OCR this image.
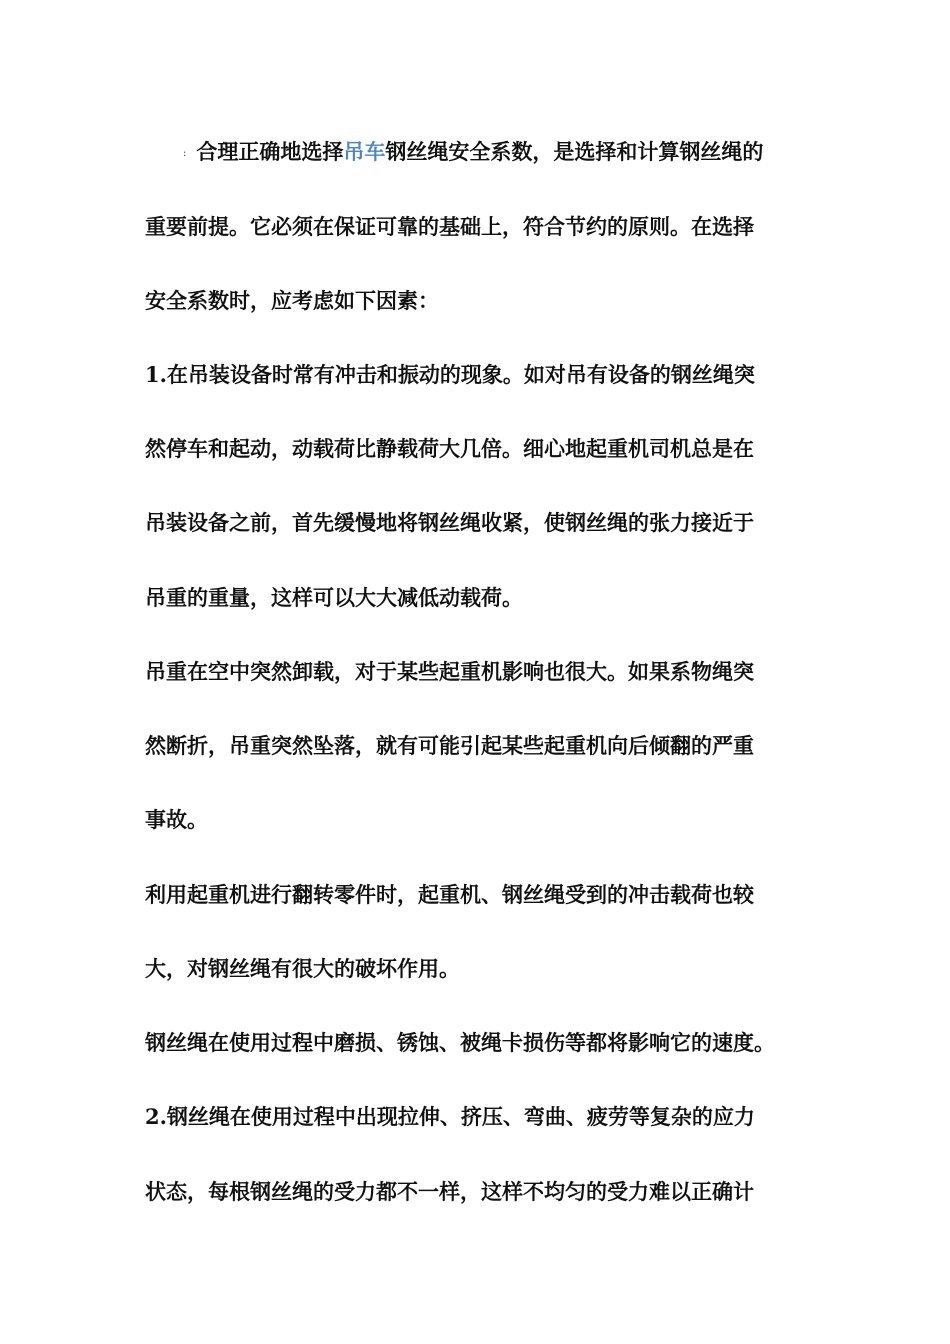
: 合理正确地选择吊车钢丝绳安全系数，是选择和计算钢丝绳的
重要前提。它必须在保证可靠的基础上，符合节约的原则。在选择
安全系数时，应考虑如下因素：
1.在吊装设备时常有冲击和振动的现象。如对吊有设备的钢丝绳突
然停车和起动，动载荷比静载荷大几倍。细心地起重机司机总是在
吊装设备之前，首先缓慢地将钢丝绳收紧，使钢丝绳的张力接近于
吊重的重量，这样可以大大减低动载荷。
吊重在空中突然卸载，对于某些起重机影响也很大。如果系物绳突
然断折，吊重突然坠落，就有可能引起某些起重机向后倾翻的严重
事故。
利用起重机进行翻转零件时，起重机、钢丝绳受到的冲击载荷也较
大，对钢丝绳有很大的破坏作用。
钢丝绳在使用过程中磨损、锈蚀、被绳卡损伤等都将影响它的速度。
2.钢丝绳在使用过程中出现拉伸、挤压、弯曲、疲劳等复杂的应力
状态，每根钢丝绳的受力都不一样，这样不均匀的受力难以正确计
